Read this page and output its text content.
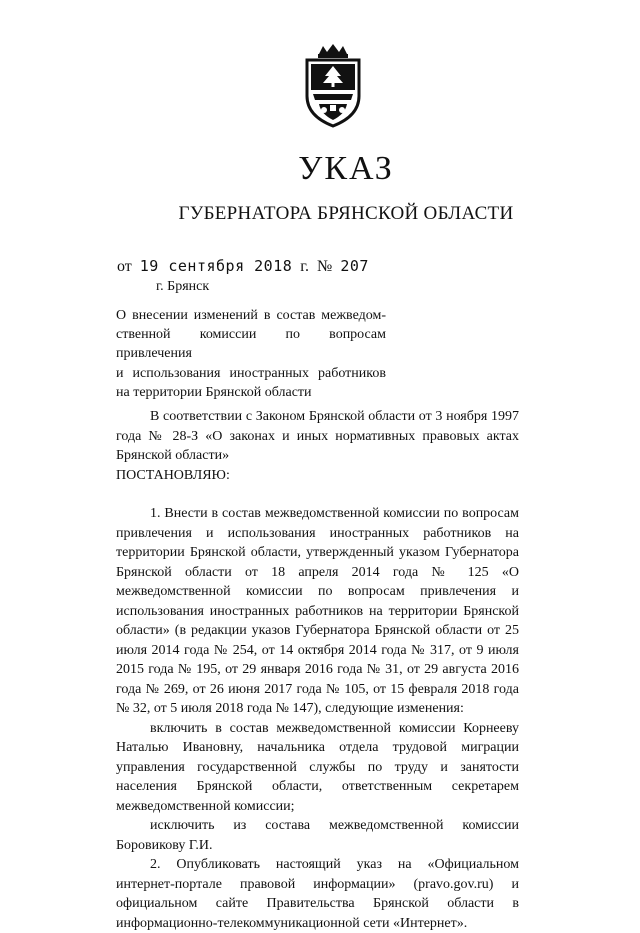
УКАЗ
ГУБЕРНАТОРА БРЯНСКОЙ ОБЛАСТИ
от 19 сентября 2018 г. № 207
г. Брянск
О внесении изменений в состав межведом-
ственной комиссии по вопросам привлечения
и использования иностранных работников
на территории Брянской области

В соответствии с Законом Брянской области от 3 ноября 1997 года № 28-З «О законах и иных нормативных правовых актах Брянской области»

ПОСТАНОВЛЯЮ:

1. Внести в состав межведомственной комиссии по вопросам привлечения и использования иностранных работников на территории Брянской области, утвержденный указом Губернатора Брянской области от 18 апреля 2014 года № 125 «О межведомственной комиссии по вопросам привлечения и использования иностранных работников на территории Брянской области» (в редакции указов Губернатора Брянской области от 25 июля 2014 года № 254, от 14 октября 2014 года № 317, от 9 июля 2015 года № 195, от 29 января 2016 года № 31, от 29 августа 2016 года № 269, от 26 июня 2017 года № 105, от 15 февраля 2018 года № 32, от 5 июля 2018 года № 147), следующие изменения:

включить в состав межведомственной комиссии Корнееву Наталью Ивановну, начальника отдела трудовой миграции управления государственной службы по труду и занятости населения Брянской области, ответственным секретарем межведомственной комиссии;

исключить из состава межведомственной комиссии Боровикову Г.И.

2. Опубликовать настоящий указ на «Официальном интернет-портале правовой информации» (pravo.gov.ru) и официальном сайте Правительства Брянской области в информационно-телекоммуникационной сети «Интернет».
